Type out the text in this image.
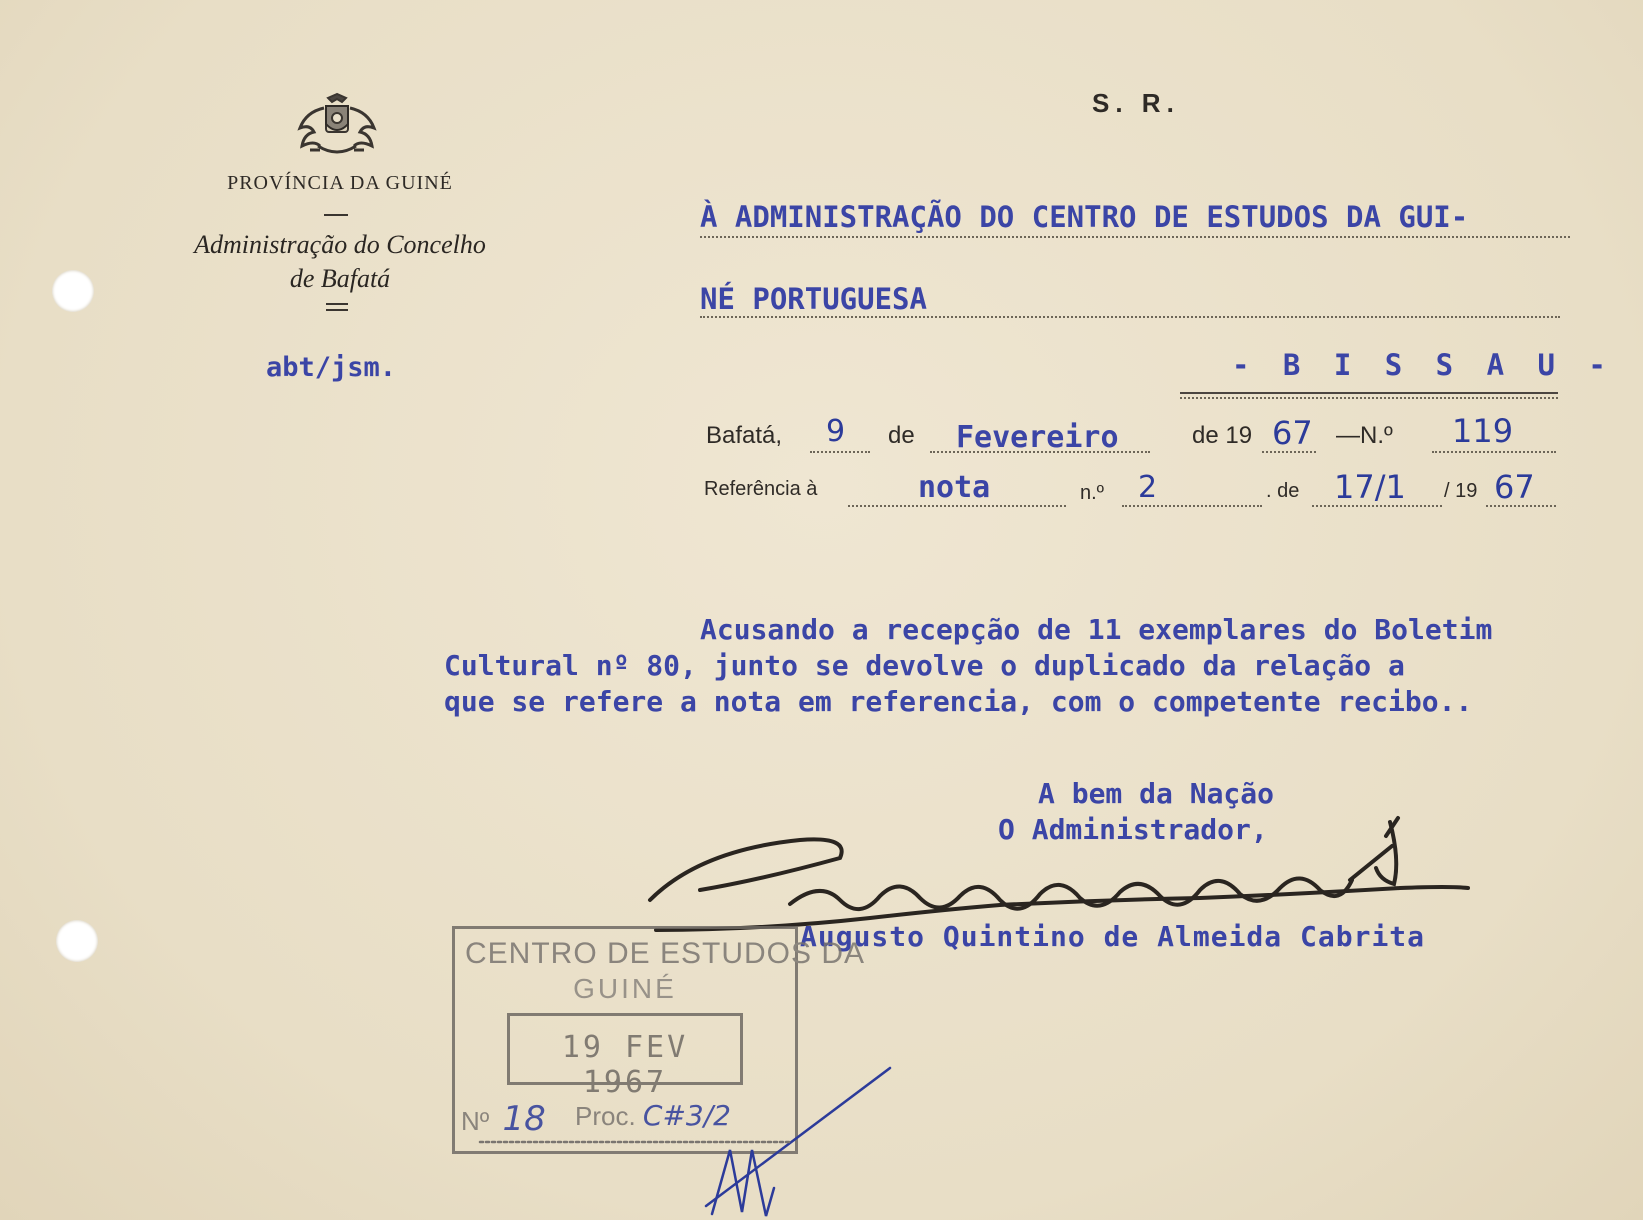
PROVÍNCIA DA GUINÉ
Administração do Concelho
de Bafatá
abt/jsm.
S. R.
À ADMINISTRAÇÃO DO CENTRO DE ESTUDOS DA GUI-
NÉ PORTUGUESA
- B I S S A U -
Bafatá, 9 de Fevereiro	de 19 67 —N.º 119
Referência à	nota	n.º 2	. de 17/1 / 19 67
Acusando a recepção de 11 exemplares do Boletim
Cultural nº 80, junto se devolve o duplicado da relação a
que se refere a nota em referencia, com o competente recibo..
A bem da Nação
O Administrador,
Augusto Quintino de Almeida Cabrita
CENTRO DE ESTUDOS DA
GUINÉ
19 FEV 1967
Nº 18 Proc. C#3/2
